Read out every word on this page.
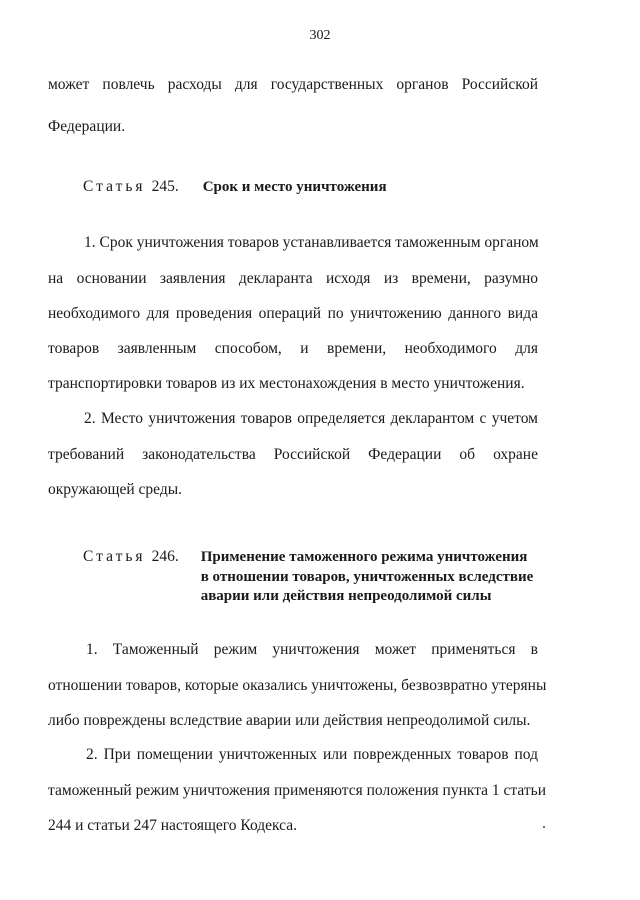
302
может повлечь расходы для государственных органов Российской
Федерации.
Статья 245. Срок и место уничтожения
1. Срок уничтожения товаров устанавливается таможенным органом
на основании заявления декларанта исходя из времени, разумно
необходимого для проведения операций по уничтожению данного вида
товаров заявленным способом, и времени, необходимого для
транспортировки товаров из их местонахождения в место уничтожения.
2. Место уничтожения товаров определяется декларантом с учетом
требований законодательства Российской Федерации об охране
окружающей среды.
Статья 246. Применение таможенного режима уничтожения
в отношении товаров, уничтоженных вследствие
аварии или действия непреодолимой силы
1. Таможенный режим уничтожения может применяться в
отношении товаров, которые оказались уничтожены, безвозвратно утеряны
либо повреждены вследствие аварии или действия непреодолимой силы.
2. При помещении уничтоженных или поврежденных товаров под
таможенный режим уничтожения применяются положения пункта 1 статьи
244 и статьи 247 настоящего Кодекса.
